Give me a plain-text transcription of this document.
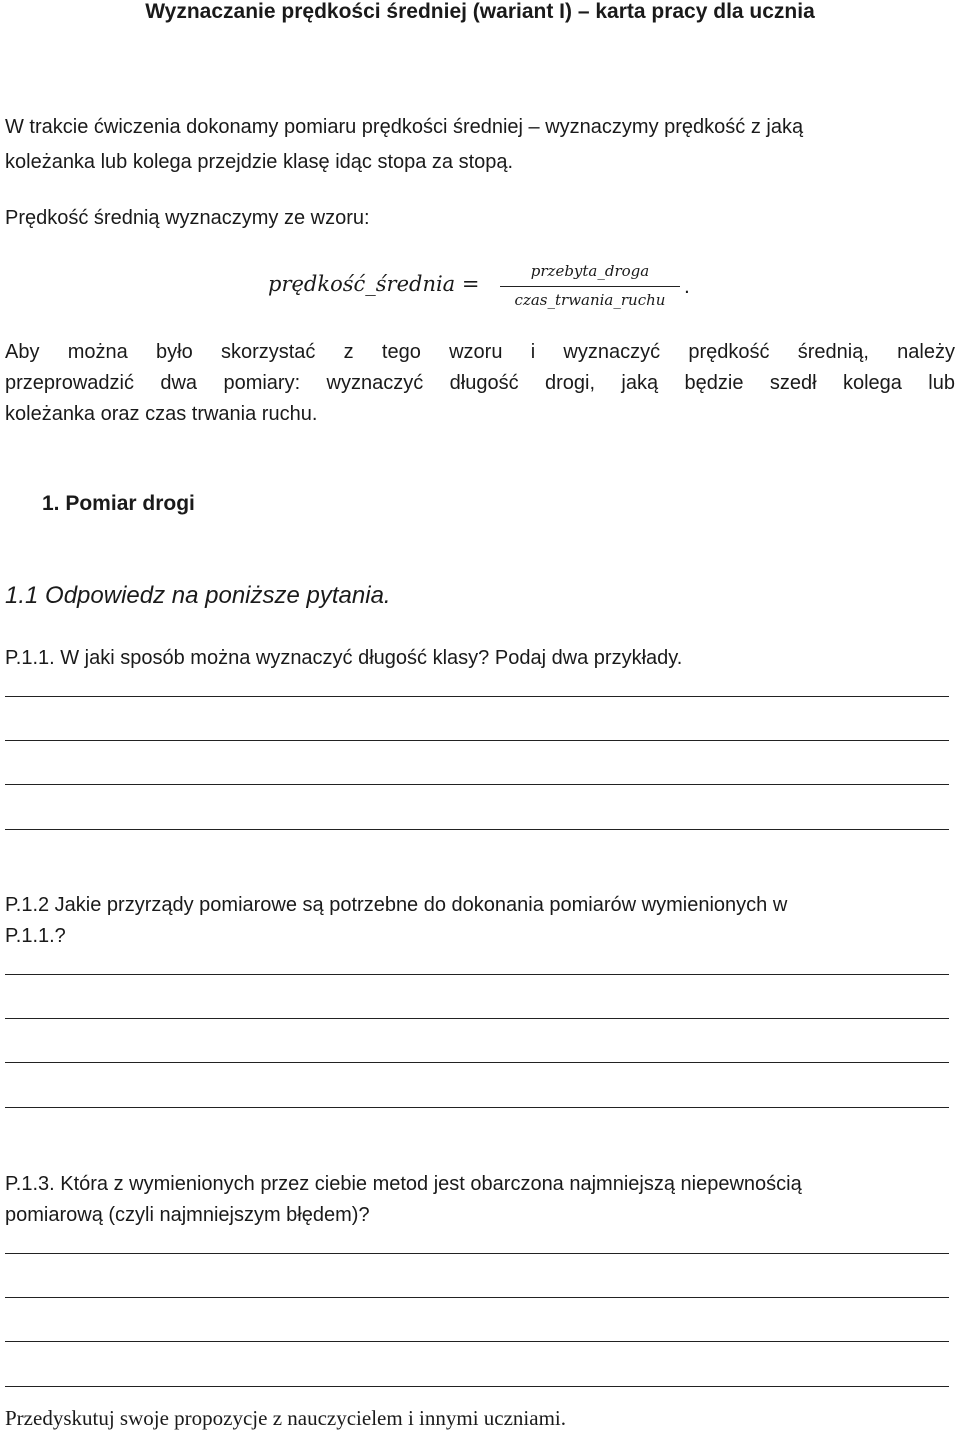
Wyznaczanie prędkości średniej (wariant I) – karta pracy dla ucznia
W trakcie ćwiczenia dokonamy pomiaru prędkości średniej – wyznaczymy prędkość z jaką
koleżanka lub kolega przejdzie klasę idąc stopa za stopą.
Prędkość średnią wyznaczymy ze wzoru:
prędkość_średnia =
przebyta_droga
czas_trwania_ruchu
.
Aby można było skorzystać z tego wzoru i wyznaczyć prędkość średnią, należy
przeprowadzić dwa pomiary: wyznaczyć długość drogi, jaką będzie szedł kolega lub
koleżanka oraz czas trwania ruchu.
1. Pomiar drogi
1.1 Odpowiedz na poniższe pytania.
P.1.1. W jaki sposób można wyznaczyć długość klasy? Podaj dwa przykłady.
P.1.2 Jakie przyrządy pomiarowe są potrzebne do dokonania pomiarów wymienionych w
P.1.1.?
P.1.3. Która z wymienionych przez ciebie metod jest obarczona najmniejszą niepewnością
pomiarową (czyli najmniejszym błędem)?
Przedyskutuj swoje propozycje z nauczycielem i innymi uczniami.
